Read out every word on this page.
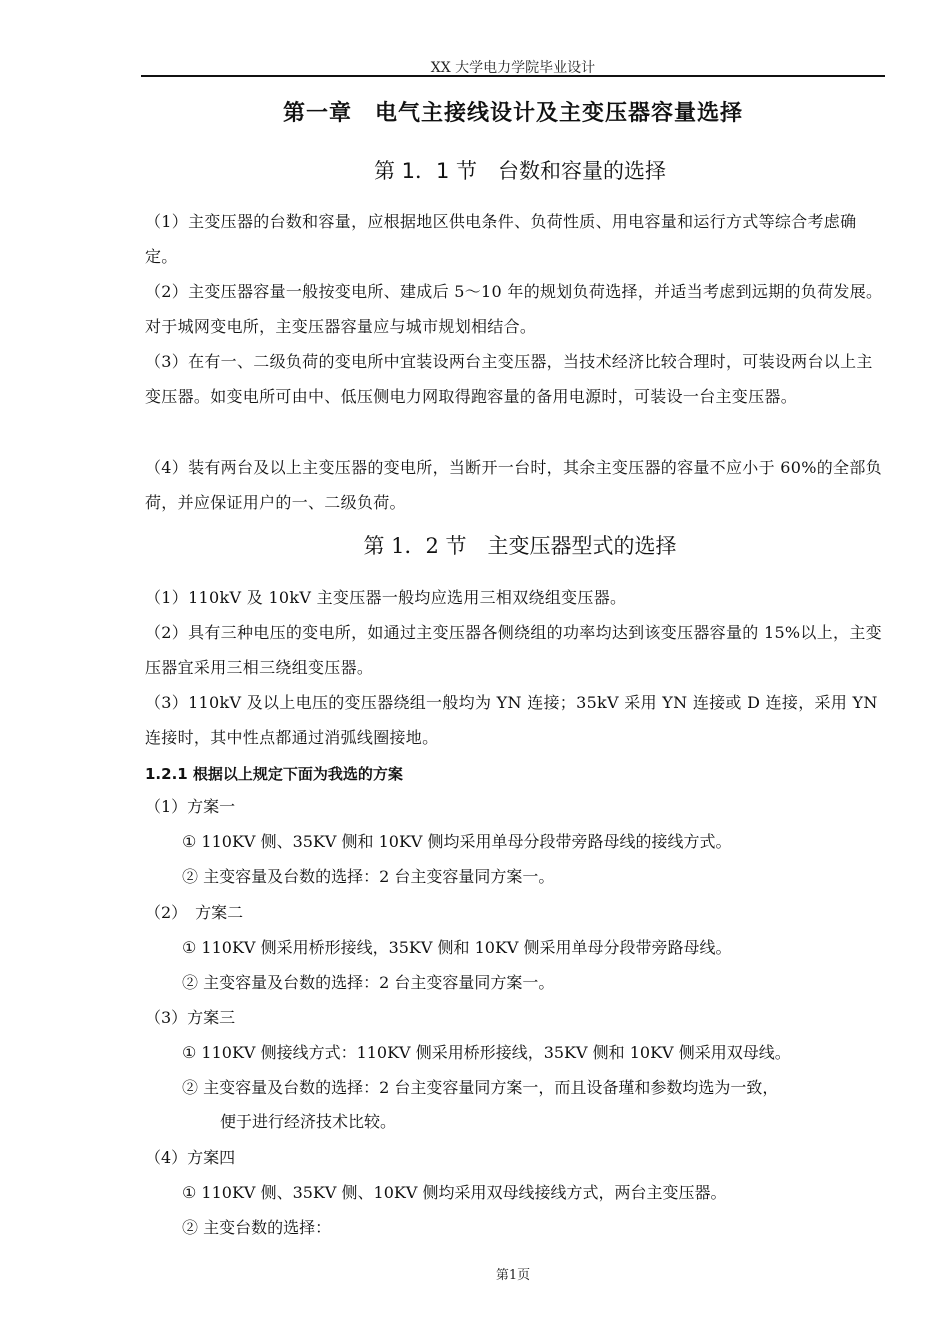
XX 大学电力学院毕业设计
第一章　电气主接线设计及主变压器容量选择
第 1．1 节　台数和容量的选择
（1）主变压器的台数和容量，应根据地区供电条件、负荷性质、用电容量和运行方式等综合考虑确定。
（2）主变压器容量一般按变电所、建成后 5～10 年的规划负荷选择，并适当考虑到远期的负荷发展。对于城网变电所，主变压器容量应与城市规划相结合。
（3）在有一、二级负荷的变电所中宜装设两台主变压器，当技术经济比较合理时，可装设两台以上主变压器。如变电所可由中、低压侧电力网取得跑容量的备用电源时，可装设一台主变压器。
（4）装有两台及以上主变压器的变电所，当断开一台时，其余主变压器的容量不应小于 60%的全部负荷，并应保证用户的一、二级负荷。
第 1．2 节　主变压器型式的选择
（1）110kV 及 10kV 主变压器一般均应选用三相双绕组变压器。
（2）具有三种电压的变电所，如通过主变压器各侧绕组的功率均达到该变压器容量的 15%以上，主变压器宜采用三相三绕组变压器。
（3）110kV 及以上电压的变压器绕组一般均为 YN 连接；35kV 采用 YN 连接或 D 连接，采用 YN 连接时，其中性点都通过消弧线圈接地。
1.2.1 根据以上规定下面为我选的方案
（1）方案一
① 110KV 侧、35KV 侧和 10KV 侧均采用单母分段带旁路母线的接线方式。
② 主变容量及台数的选择：2 台主变容量同方案一。
（2）　方案二
① 110KV 侧采用桥形接线，35KV 侧和 10KV 侧采用单母分段带旁路母线。
② 主变容量及台数的选择：2 台主变容量同方案一。
（3）方案三
① 110KV 侧接线方式：110KV 侧采用桥形接线，35KV 侧和 10KV 侧采用双母线。
② 主变容量及台数的选择：2 台主变容量同方案一，而且设备瑾和参数均选为一致，
便于进行经济技术比较。
（4）方案四
① 110KV 侧、35KV 侧、10KV 侧均采用双母线接线方式，两台主变压器。
② 主变台数的选择：
第1页
